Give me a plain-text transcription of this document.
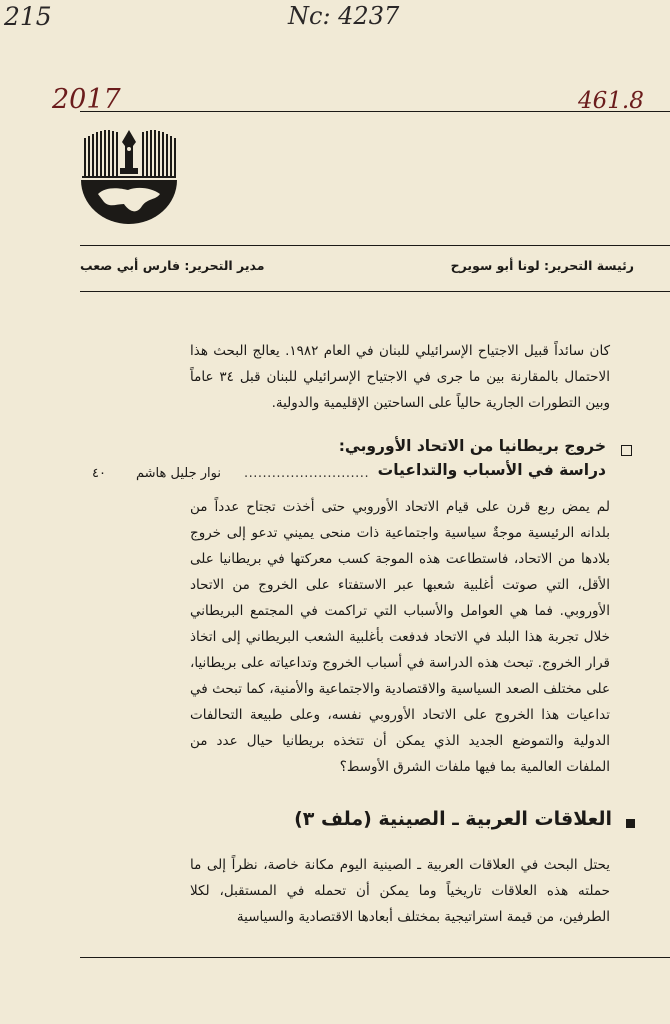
215	Nc: 4237
2017	461.8
رئيسة التحرير: لونا أبو سويرح
مدير التحرير: فارس أبي صعب

كان سائداً قبيل الاجتياح الإسرائيلي للبنان في العام ١٩٨٢. يعالج البحث هذا الاحتمال بالمقارنة بين ما جرى في الاجتياح الإسرائيلي للبنان قبل ٣٤ عاماً وبين التطورات الجارية حالياً على الساحتين الإقليمية والدولية.

خروج بريطانيا من الاتحاد الأوروبي:
دراسة في الأسباب والتداعيات
...........................
نوار جليل هاشم
٤٠

لم يمض ربع قرن على قيام الاتحاد الأوروبي حتى أخذت تجتاح عدداً من بلدانه الرئيسية موجةٌ سياسية واجتماعية ذات منحى يميني تدعو إلى خروج بلادها من الاتحاد، فاستطاعت هذه الموجة كسب معركتها في بريطانيا على الأقل، التي صوتت أغلبية شعبها عبر الاستفتاء على الخروج من الاتحاد الأوروبي. فما هي العوامل والأسباب التي تراكمت في المجتمع البريطاني خلال تجربة هذا البلد في الاتحاد فدفعت بأغلبية الشعب البريطاني إلى اتخاذ قرار الخروج. تبحث هذه الدراسة في أسباب الخروج وتداعياته على بريطانيا، على مختلف الصعد السياسية والاقتصادية والاجتماعية والأمنية، كما تبحث في تداعيات هذا الخروج على الاتحاد الأوروبي نفسه، وعلى طبيعة التحالفات الدولية والتموضع الجديد الذي يمكن أن تتخذه بريطانيا حيال عدد من الملفات العالمية بما فيها ملفات الشرق الأوسط؟

العلاقات العربية ـ الصينية (ملف ٣)

يحتل البحث في العلاقات العربية ـ الصينية اليوم مكانة خاصة، نظراً إلى ما حملته هذه العلاقات تاريخياً وما يمكن أن تحمله في المستقبل، لكلا الطرفين، من قيمة استراتيجية بمختلف أبعادها الاقتصادية والسياسية
